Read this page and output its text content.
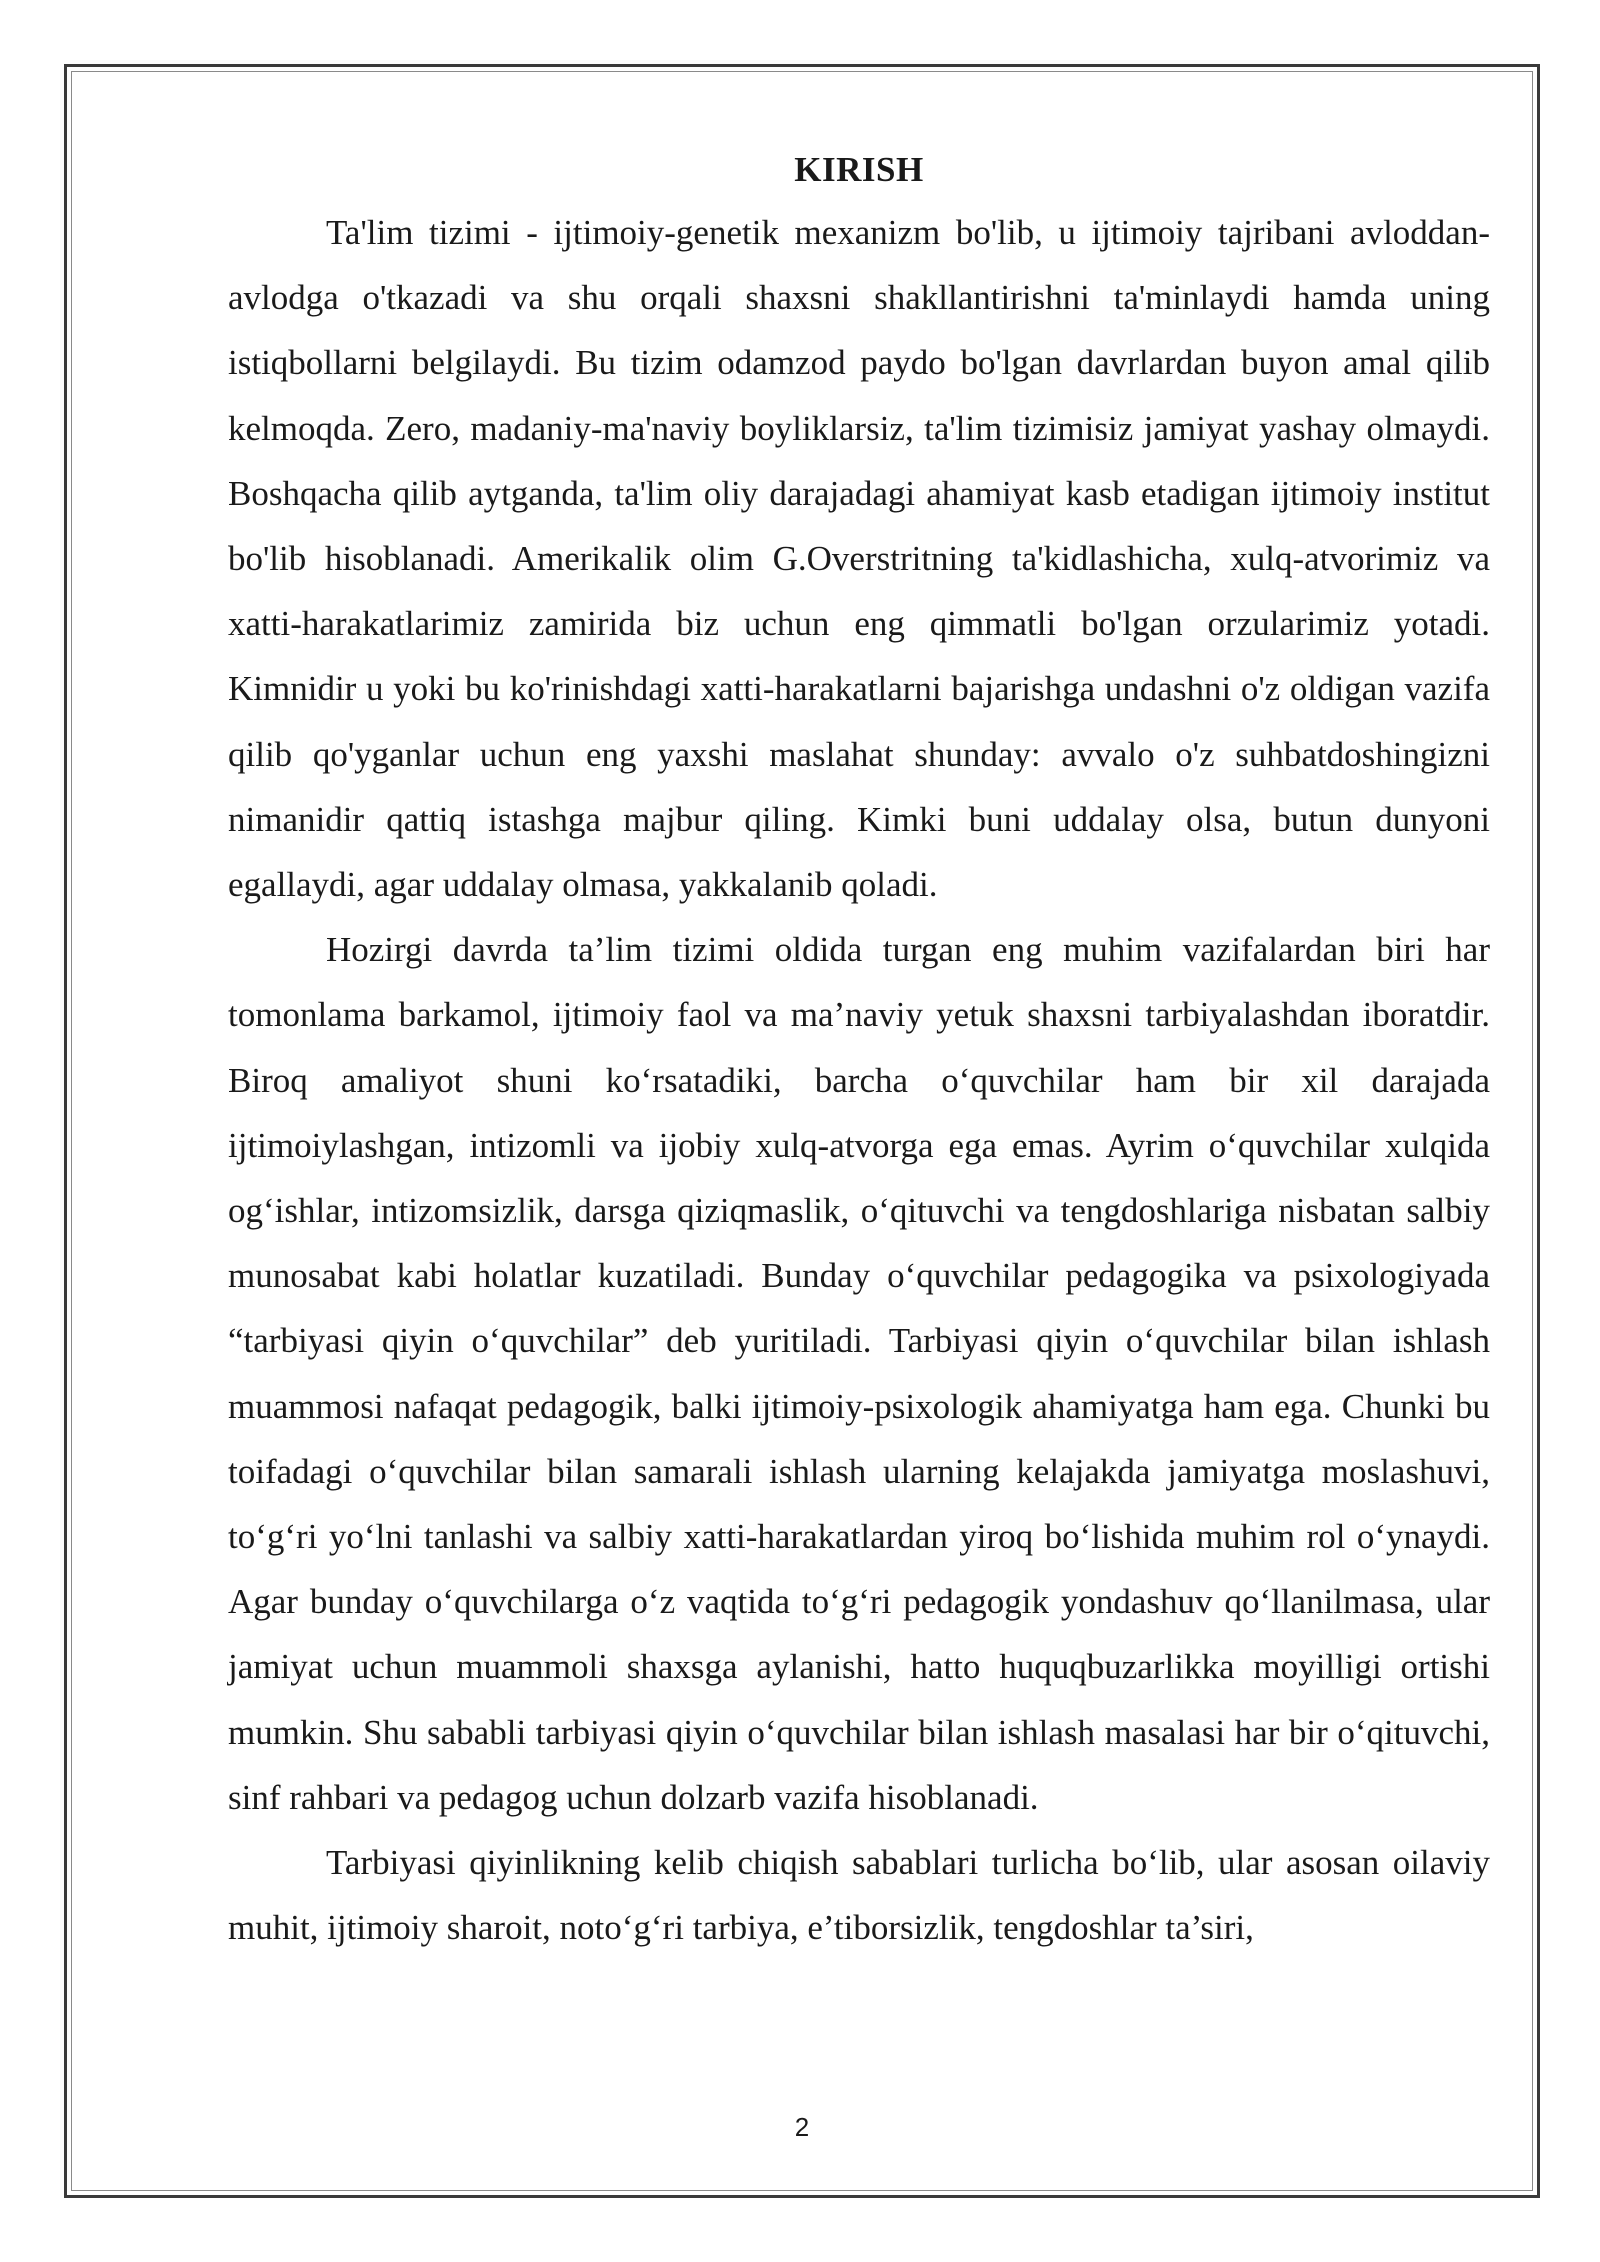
KIRISH

Ta'lim tizimi - ijtimoiy-genetik mexanizm bo'lib, u ijtimoiy tajribani avloddan-avlodga o'tkazadi va shu orqali shaxsni shakllantirishni ta'minlaydi hamda uning istiqbollarni belgilaydi. Bu tizim odamzod paydo bo'lgan davrlardan buyon amal qilib kelmoqda. Zero, madaniy-ma'naviy boyliklarsiz, ta'lim tizimisiz jamiyat yashay olmaydi. Boshqacha qilib aytganda, ta'lim oliy darajadagi ahamiyat kasb etadigan ijtimoiy institut bo'lib hisoblanadi. Amerikalik olim G.Overstritning ta'kidlashicha, xulq-atvorimiz va xatti-harakatlarimiz zamirida biz uchun eng qimmatli bo'lgan orzularimiz yotadi. Kimnidir u yoki bu ko'rinishdagi xatti-harakatlarni bajarishga undashni o'z oldigan vazifa qilib qo'yganlar uchun eng yaxshi maslahat shunday: avvalo o'z suhbatdoshingizni nimanidir qattiq istashga majbur qiling. Kimki buni uddalay olsa, butun dunyoni egallaydi, agar uddalay olmasa, yakkalanib qoladi.

Hozirgi davrda ta’lim tizimi oldida turgan eng muhim vazifalardan biri har tomonlama barkamol, ijtimoiy faol va ma’naviy yetuk shaxsni tarbiyalashdan iboratdir. Biroq amaliyot shuni ko‘rsatadiki, barcha o‘quvchilar ham bir xil darajada ijtimoiylashgan, intizomli va ijobiy xulq-atvorga ega emas. Ayrim o‘quvchilar xulqida og‘ishlar, intizomsizlik, darsga qiziqmaslik, o‘qituvchi va tengdoshlariga nisbatan salbiy munosabat kabi holatlar kuzatiladi. Bunday o‘quvchilar pedagogika va psixologiyada “tarbiyasi qiyin o‘quvchilar” deb yuritiladi. Tarbiyasi qiyin o‘quvchilar bilan ishlash muammosi nafaqat pedagogik, balki ijtimoiy-psixologik ahamiyatga ham ega. Chunki bu toifadagi o‘quvchilar bilan samarali ishlash ularning kelajakda jamiyatga moslashuvi, to‘g‘ri yo‘lni tanlashi va salbiy xatti-harakatlardan yiroq bo‘lishida muhim rol o‘ynaydi. Agar bunday o‘quvchilarga o‘z vaqtida to‘g‘ri pedagogik yondashuv qo‘llanilmasa, ular jamiyat uchun muammoli shaxsga aylanishi, hatto huquqbuzarlikka moyilligi ortishi mumkin. Shu sababli tarbiyasi qiyin o‘quvchilar bilan ishlash masalasi har bir o‘qituvchi, sinf rahbari va pedagog uchun dolzarb vazifa hisoblanadi.

Tarbiyasi qiyinlikning kelib chiqish sabablari turlicha bo‘lib, ular asosan oilaviy muhit, ijtimoiy sharoit, noto‘g‘ri tarbiya, e’tiborsizlik, tengdoshlar ta’siri,

2
